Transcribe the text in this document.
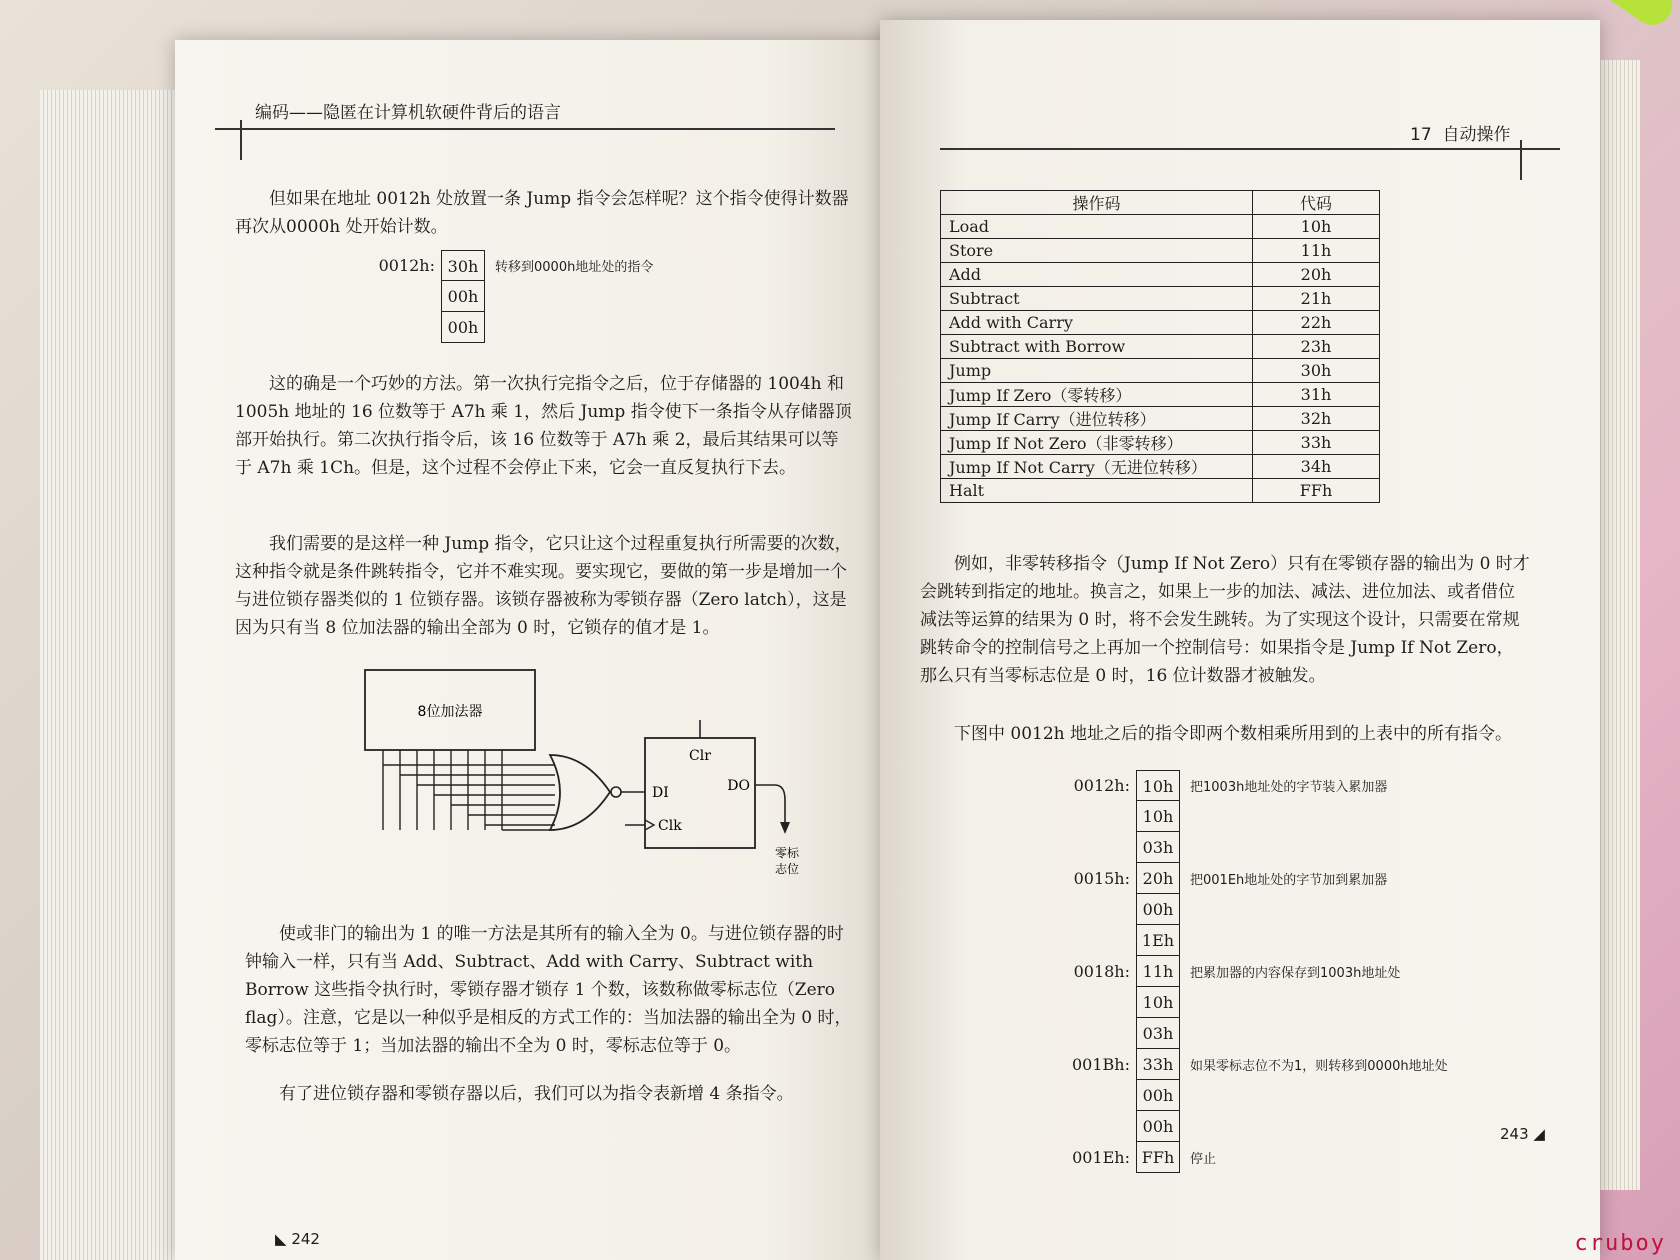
编码——隐匿在计算机软硬件背后的语言

但如果在地址 0012h 处放置一条 Jump 指令会怎样呢？这个指令使得计数器再次从0000h 处开始计数。

0012h: 30h	转移到0000h地址处的指令
00h
00h

这的确是一个巧妙的方法。第一次执行完指令之后，位于存储器的 1004h 和 1005h 地址的 16 位数等于 A7h 乘 1，然后 Jump 指令使下一条指令从存储器顶部开始执行。第二次执行指令后，该 16 位数等于 A7h 乘 2，最后其结果可以等于 A7h 乘 1Ch。但是，这个过程不会停止下来，它会一直反复执行下去。

我们需要的是这样一种 Jump 指令，它只让这个过程重复执行所需要的次数，这种指令就是条件跳转指令，它并不难实现。要实现它，要做的第一步是增加一个与进位锁存器类似的 1 位锁存器。该锁存器被称为零锁存器（Zero latch），这是因为只有当 8 位加法器的输出全部为 0 时，它锁存的值才是 1。

8位加法器
Clr
DI	DO
Clk
零标
志位

使或非门的输出为 1 的唯一方法是其所有的输入全为 0。与进位锁存器的时钟输入一样，只有当 Add、Subtract、Add with Carry、Subtract with Borrow 这些指令执行时，零锁存器才锁存 1 个数，该数称做零标志位（Zero flag）。注意，它是以一种似乎是相反的方式工作的：当加法器的输出全为 0 时，零标志位等于 1；当加法器的输出不全为 0 时，零标志位等于 0。

有了进位锁存器和零锁存器以后，我们可以为指令表新增 4 条指令。

◣ 242
17 自动操作
操作码	代码
Load	10h
Store	11h
Add	20h
Subtract	21h
Add with Carry	22h
Subtract with Borrow	23h
Jump	30h
Jump If Zero（零转移）	31h
Jump If Carry（进位转移）	32h
Jump If Not Zero（非零转移）	33h
Jump If Not Carry（无进位转移）	34h
Halt	FFh

例如，非零转移指令（Jump If Not Zero）只有在零锁存器的输出为 0 时才会跳转到指定的地址。换言之，如果上一步的加法、减法、进位加法、或者借位减法等运算的结果为 0 时，将不会发生跳转。为了实现这个设计，只需要在常规跳转命令的控制信号之上再加一个控制信号：如果指令是 Jump If Not Zero，那么只有当零标志位是 0 时，16 位计数器才被触发。

下图中 0012h 地址之后的指令即两个数相乘所用到的上表中的所有指令。

0012h: 10h	把1003h地址处的字节装入累加器
10h
03h
0015h: 20h	把001Eh地址处的字节加到累加器
00h
1Eh
0018h: 11h	把累加器的内容保存到1003h地址处
10h
03h
001Bh: 33h	如果零标志位不为1，则转移到0000h地址处
00h
00h
001Eh: FFh	停止
243 ◢
cruboy
